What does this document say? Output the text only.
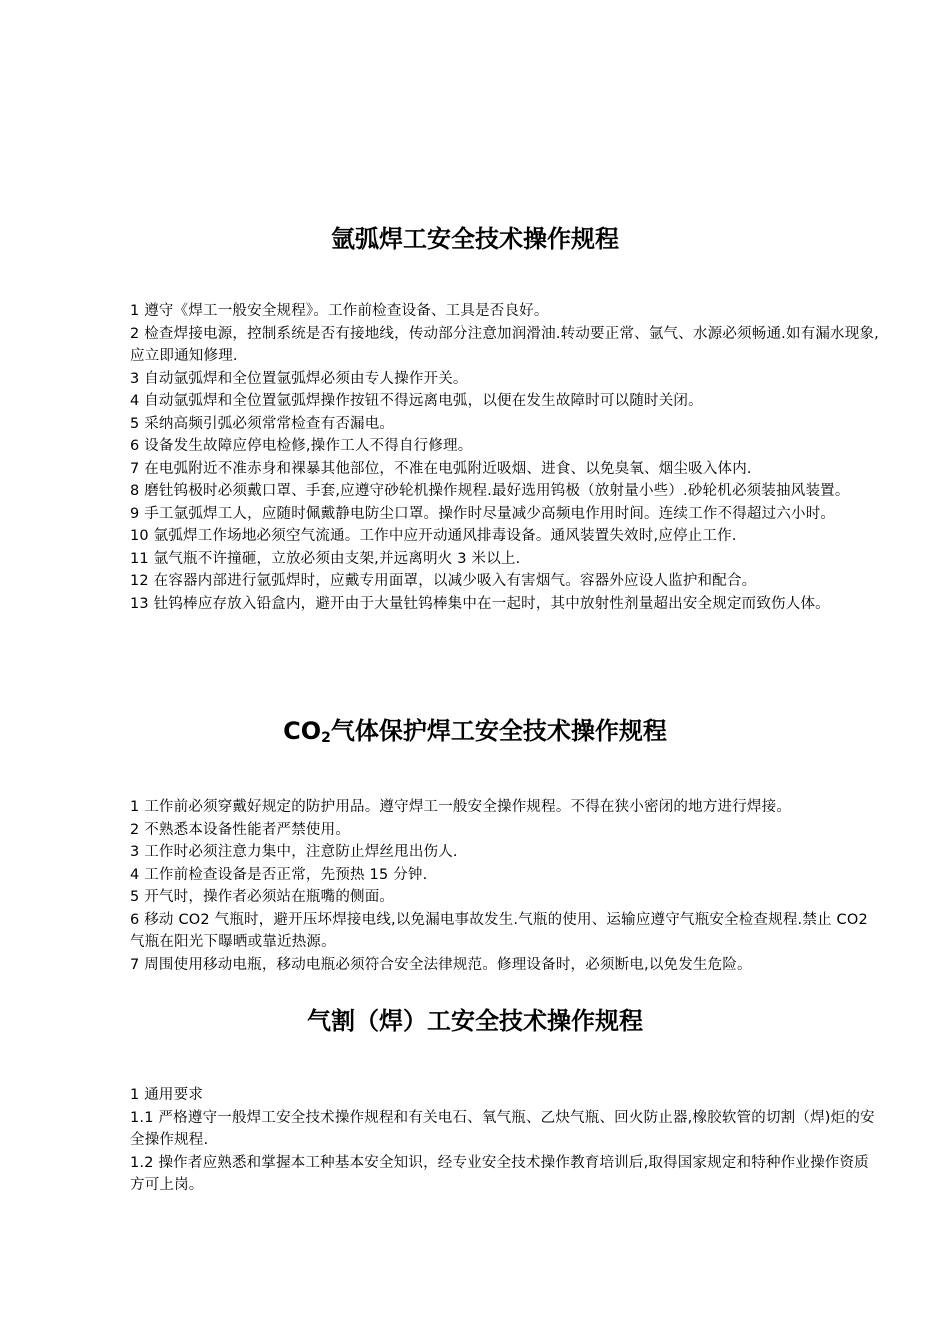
氩弧焊工安全技术操作规程

1 遵守《焊工一般安全规程》。工作前检查设备、工具是否良好。

2 检查焊接电源，控制系统是否有接地线，传动部分注意加润滑油.转动要正常、氩气、水源必须畅通.如有漏水现象,应立即通知修理.

3 自动氩弧焊和全位置氩弧焊必须由专人操作开关。

4 自动氩弧焊和全位置氩弧焊操作按钮不得远离电弧，以便在发生故障时可以随时关闭。

5 采纳高频引弧必须常常检查有否漏电。

6 设备发生故障应停电检修,操作工人不得自行修理。

7 在电弧附近不准赤身和裸暴其他部位，不准在电弧附近吸烟、进食、以免臭氧、烟尘吸入体内.

8 磨钍钨极时必须戴口罩、手套,应遵守砂轮机操作规程.最好选用钨极（放射量小些）.砂轮机必须装抽风装置。

9 手工氩弧焊工人，应随时佩戴静电防尘口罩。操作时尽量减少高频电作用时间。连续工作不得超过六小时。

10 氩弧焊工作场地必须空气流通。工作中应开动通风排毒设备。通风装置失效时,应停止工作.

11 氩气瓶不许撞砸，立放必须由支架,并远离明火 3 米以上.

12 在容器内部进行氩弧焊时，应戴专用面罩，以减少吸入有害烟气。容器外应设人监护和配合。

13 钍钨棒应存放入铅盒内，避开由于大量钍钨棒集中在一起时，其中放射性剂量超出安全规定而致伤人体。

$CO_2$气体保护焊工安全技术操作规程

1 工作前必须穿戴好规定的防护用品。遵守焊工一般安全操作规程。不得在狭小密闭的地方进行焊接。

2 不熟悉本设备性能者严禁使用。

3 工作时必须注意力集中，注意防止焊丝甩出伤人.

4 工作前检查设备是否正常，先预热 15 分钟.

5 开气时，操作者必须站在瓶嘴的侧面。

6 移动 CO2 气瓶时，避开压坏焊接电线,以免漏电事故发生.气瓶的使用、运输应遵守气瓶安全检查规程.禁止 CO2 气瓶在阳光下曝晒或靠近热源。

7 周围使用移动电瓶，移动电瓶必须符合安全法律规范。修理设备时，必须断电,以免发生危险。

气割（焊）工安全技术操作规程

1 通用要求

1.1 严格遵守一般焊工安全技术操作规程和有关电石、氧气瓶、乙炔气瓶、回火防止器,橡胶软管的切割（焊)炬的安全操作规程.

1.2 操作者应熟悉和掌握本工种基本安全知识，经专业安全技术操作教育培训后,取得国家规定和特种作业操作资质方可上岗。
